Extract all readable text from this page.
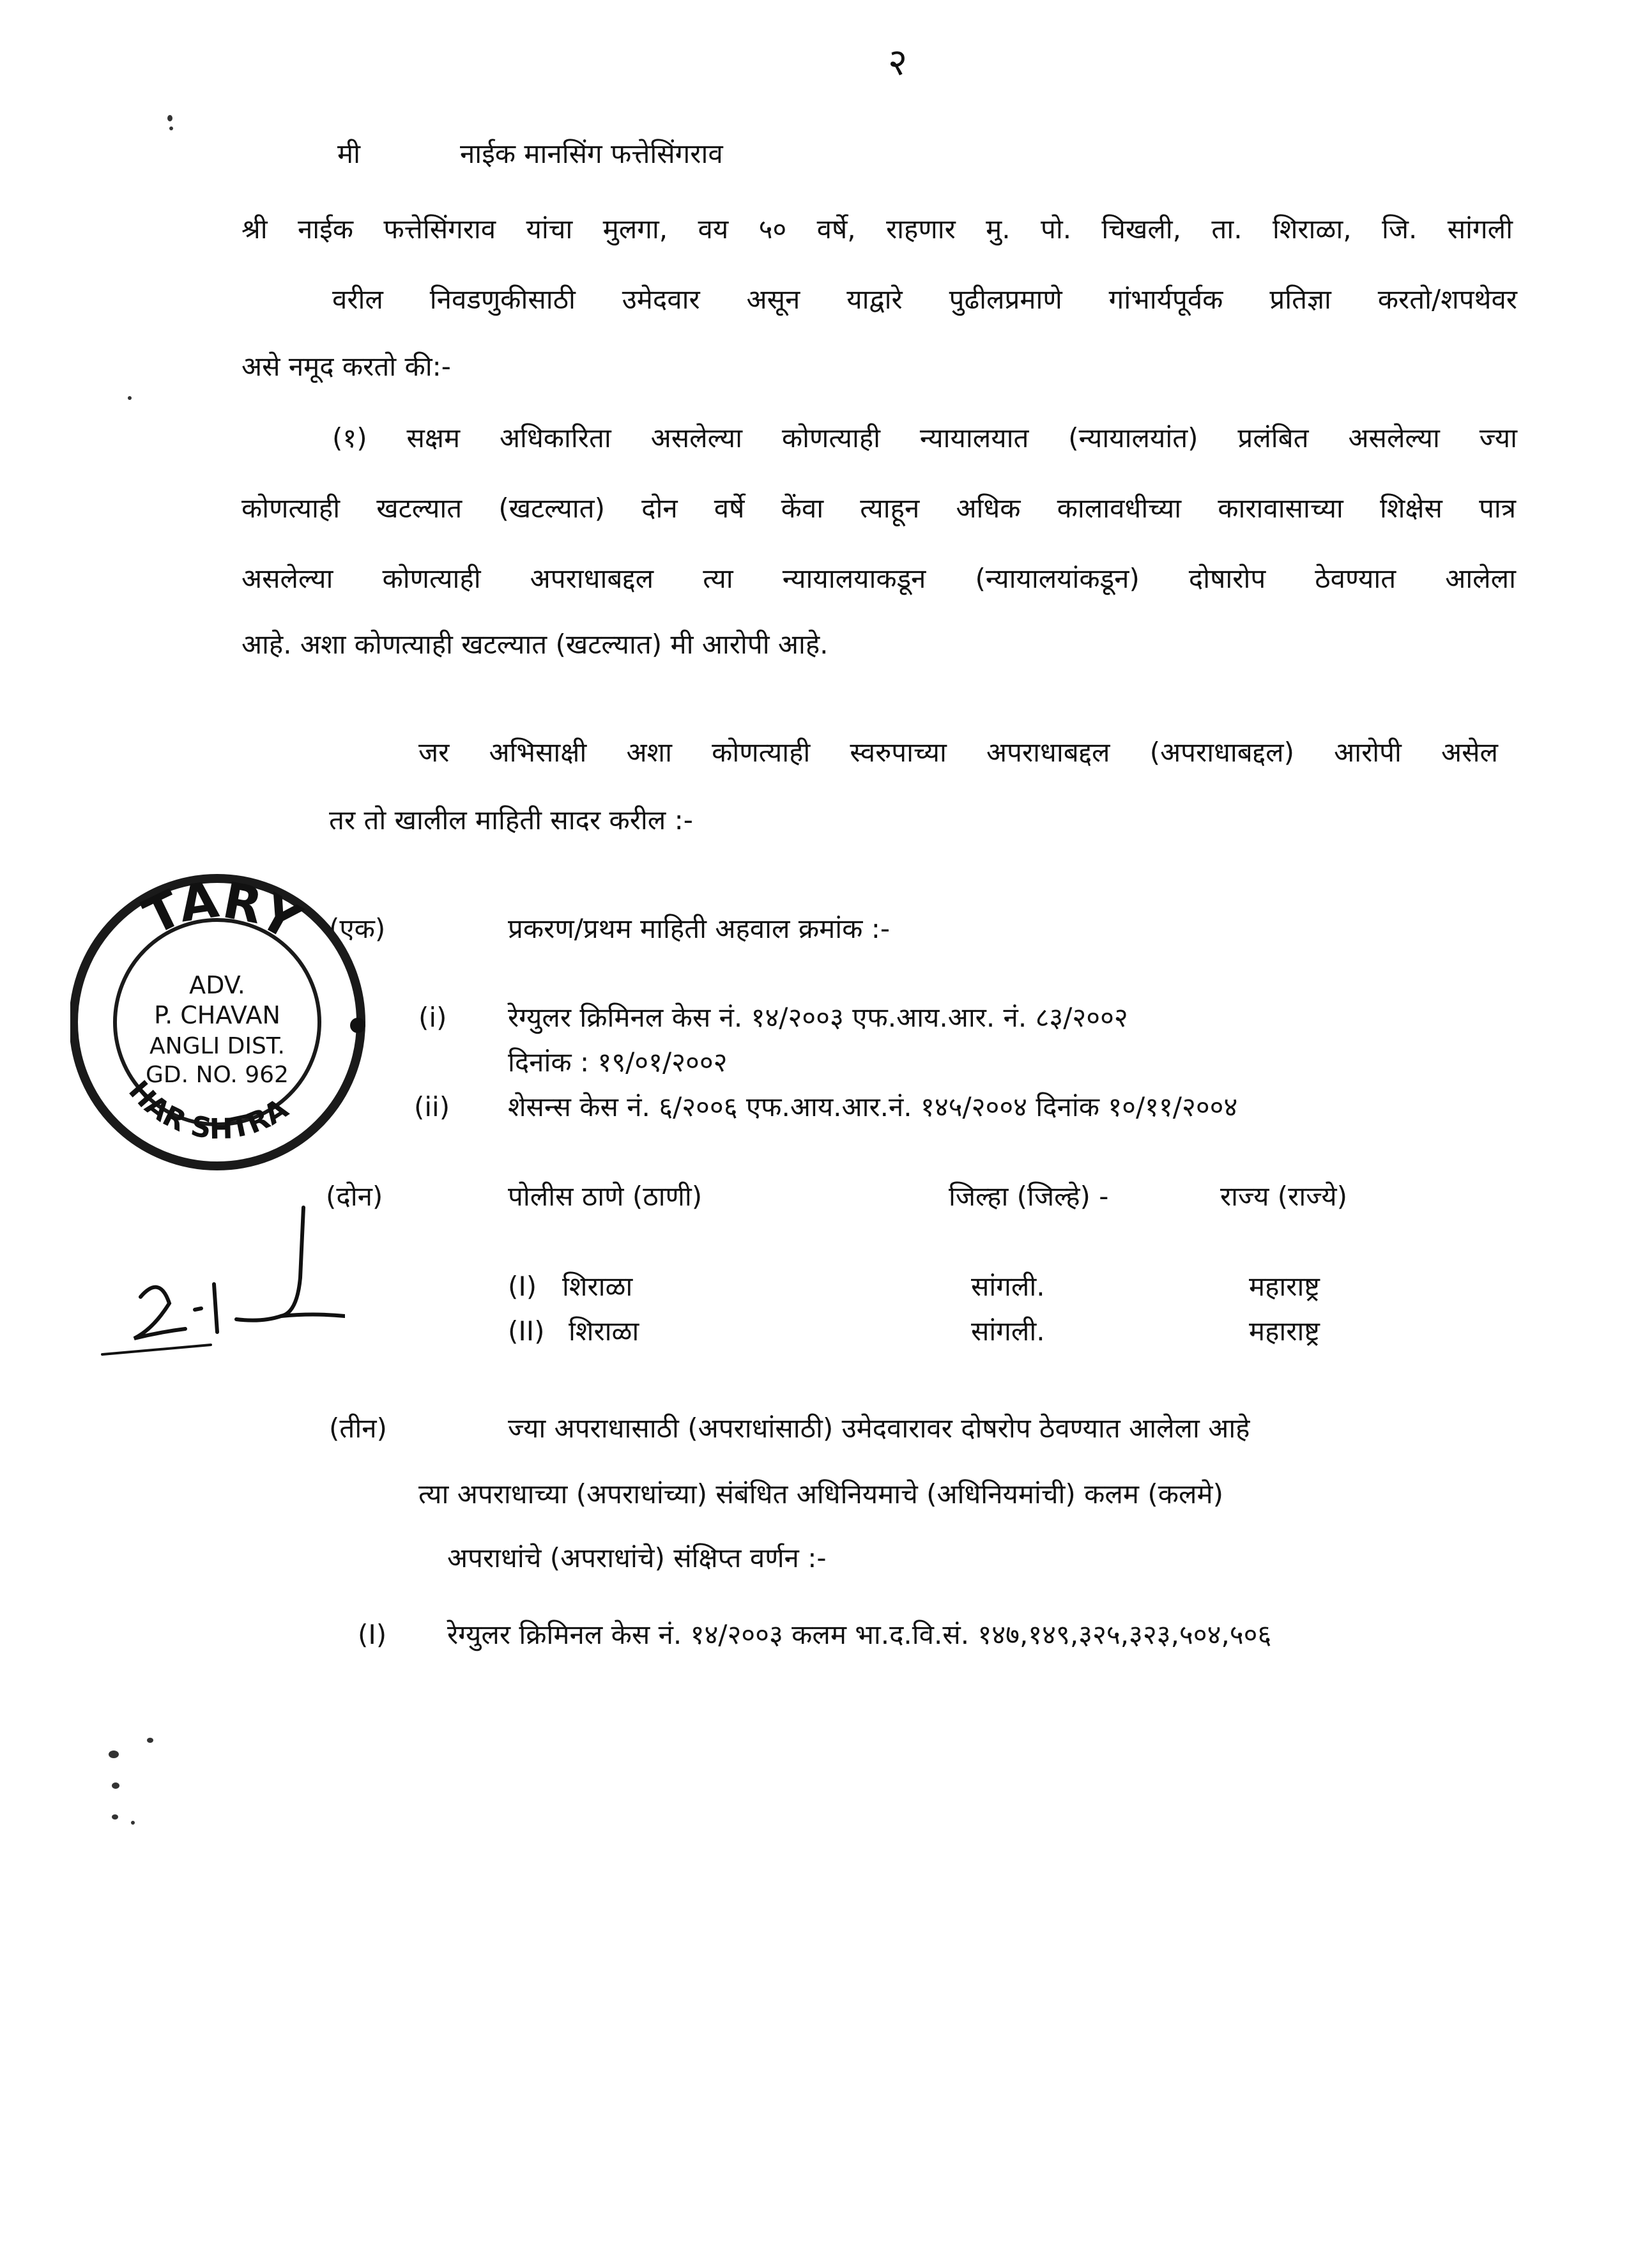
२
मी	नाईक मानसिंग फत्तेसिंगराव
श्री नाईक फत्तेसिंगराव यांचा मुलगा, वय ५० वर्षे, राहणार मु. पो. चिखली, ता. शिराळा, जि. सांगली
वरील निवडणुकीसाठी उमेदवार असून याद्वारे पुढीलप्रमाणे गांभार्यपूर्वक प्रतिज्ञा करतो/शपथेवर
असे नमूद करतो की:-
(१) सक्षम अधिकारिता असलेल्या कोणत्याही न्यायालयात (न्यायालयांत) प्रलंबित असलेल्या ज्या
कोणत्याही खटल्यात (खटल्यात) दोन वर्षे केंवा त्याहून अधिक कालावधीच्या कारावासाच्या शिक्षेस पात्र
असलेल्या कोणत्याही अपराधाबद्दल त्या न्यायालयाकडून (न्यायालयांकडून) दोषारोप ठेवण्यात आलेला
आहे. अशा कोणत्याही खटल्यात (खटल्यात) मी आरोपी आहे.
जर अभिसाक्षी अशा कोणत्याही स्वरुपाच्या अपराधाबद्दल (अपराधाबद्दल) आरोपी असेल
तर तो खालील माहिती सादर करील :-
(एक)	प्रकरण/प्रथम माहिती अहवाल क्रमांक :-
(i) रेग्युलर क्रिमिनल केस नं. १४/२००३ एफ.आय.आर. नं. ८३/२००२
दिनांक : १९/०१/२००२
(ii) शेसन्स केस नं. ६/२००६ एफ.आय.आर.नं. १४५/२००४ दिनांक १०/११/२००४
(दोन)	पोलीस ठाणे (ठाणी)	जिल्हा (जिल्हे) -	राज्य (राज्ये)
(I) शिराळा	सांगली.	महाराष्ट्र
(II) शिराळा	सांगली.	महाराष्ट्र
(तीन)	ज्या अपराधासाठी (अपराधांसाठी) उमेदवारावर दोषरोप ठेवण्यात आलेला आहे
त्या अपराधाच्या (अपराधांच्या) संबंधित अधिनियमाचे (अधिनियमांची) कलम (कलमे)
अपराधांचे (अपराधांचे) संक्षिप्त वर्णन :-
(I) रेग्युलर क्रिमिनल केस नं. १४/२००३ कलम भा.द.वि.सं. १४७,१४९,३२५,३२३,५०४,५०६
TARY
HAR SHTRA
ADV.
P. CHAVAN
ANGLI DIST.
GD. NO. 962
